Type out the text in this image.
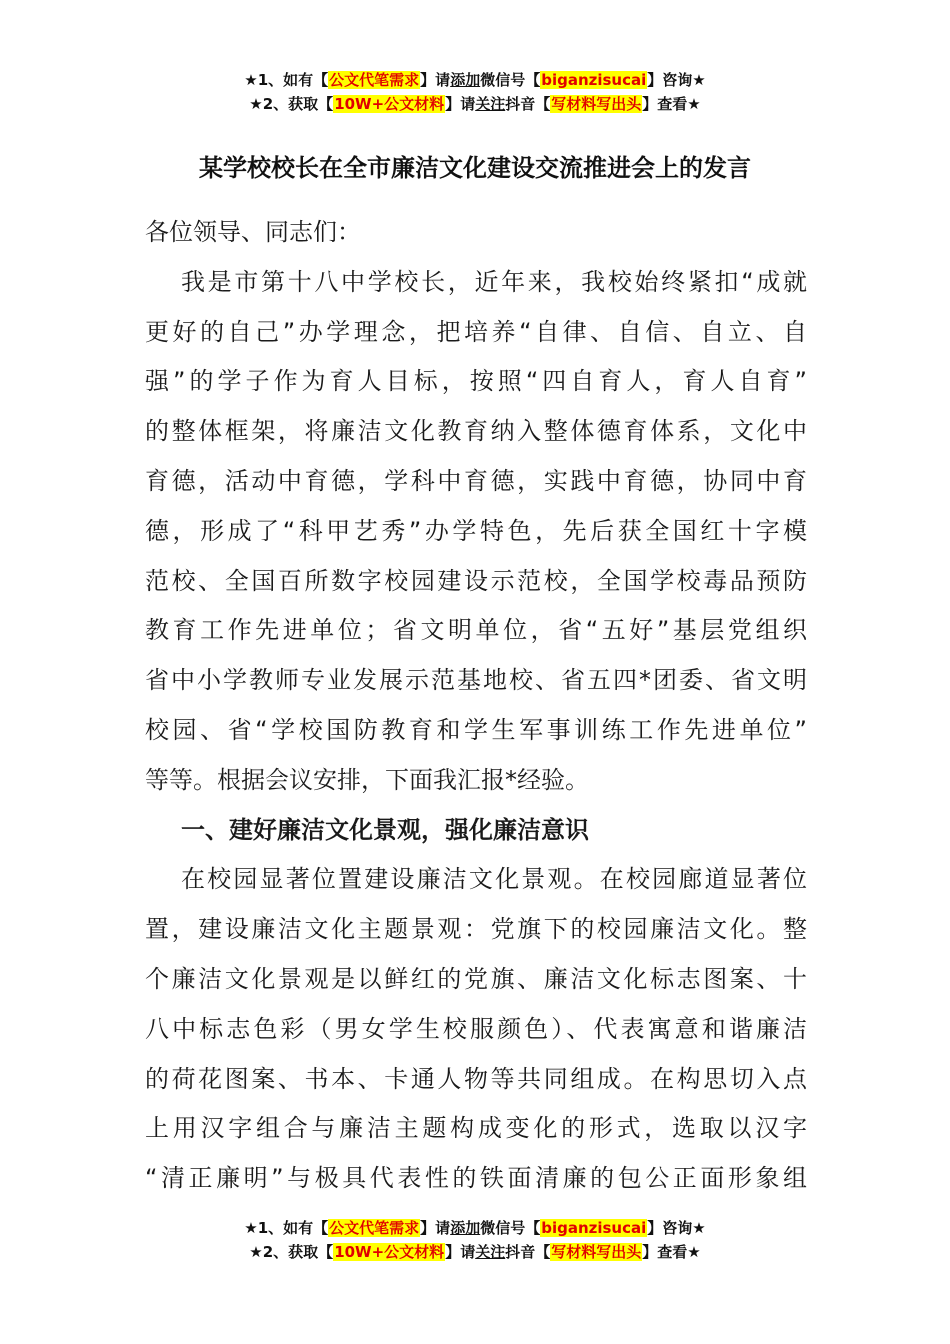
★1、如有【公文代笔需求】请添加微信号【biganzisucai】咨询★
★2、获取【10W+公文材料】请关注抖音【写材料写出头】查看★
某学校校长在全市廉洁文化建设交流推进会上的发言
各位领导、同志们：
我是市第十八中学校长，近年来，我校始终紧扣“成就
更好的自己”办学理念，把培养“自律、自信、自立、自
强”的学子作为育人目标，按照“四自育人，育人自育”
的整体框架，将廉洁文化教育纳入整体德育体系，文化中
育德，活动中育德，学科中育德，实践中育德，协同中育
德，形成了“科甲艺秀”办学特色，先后获全国红十字模
范校、全国百所数字校园建设示范校，全国学校毒品预防
教育工作先进单位；省文明单位，省“五好”基层党组织
省中小学教师专业发展示范基地校、省五四*团委、省文明
校园、省“学校国防教育和学生军事训练工作先进单位”
等等。根据会议安排，下面我汇报*经验。
一、建好廉洁文化景观，强化廉洁意识
在校园显著位置建设廉洁文化景观。在校园廊道显著位
置，建设廉洁文化主题景观：党旗下的校园廉洁文化。整
个廉洁文化景观是以鲜红的党旗、廉洁文化标志图案、十
八中标志色彩（男女学生校服颜色）、代表寓意和谐廉洁
的荷花图案、书本、卡通人物等共同组成。在构思切入点
上用汉字组合与廉洁主题构成变化的形式，选取以汉字
“清正廉明”与极具代表性的铁面清廉的包公正面形象组
★1、如有【公文代笔需求】请添加微信号【biganzisucai】咨询★
★2、获取【10W+公文材料】请关注抖音【写材料写出头】查看★
